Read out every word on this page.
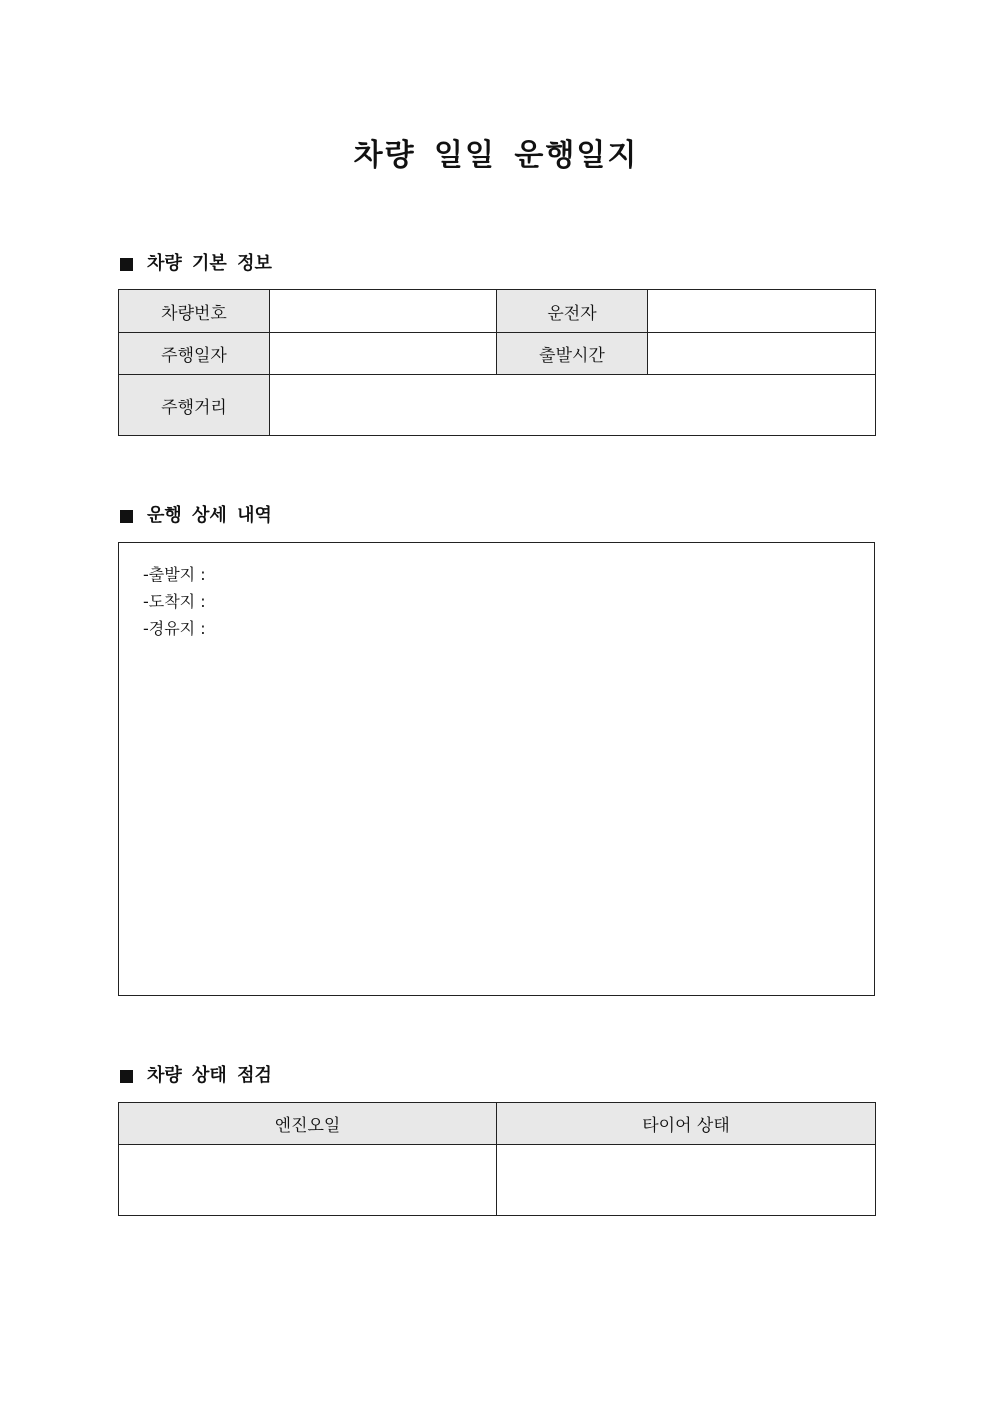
차량 일일 운행일지
차량 기본 정보
차량번호		운전자	
주행일자		출발시간	
주행거리			
운행 상세 내역
-출발지 :
-도착지 :
-경유지 :
차량 상태 점검
엔진오일	타이어 상태
